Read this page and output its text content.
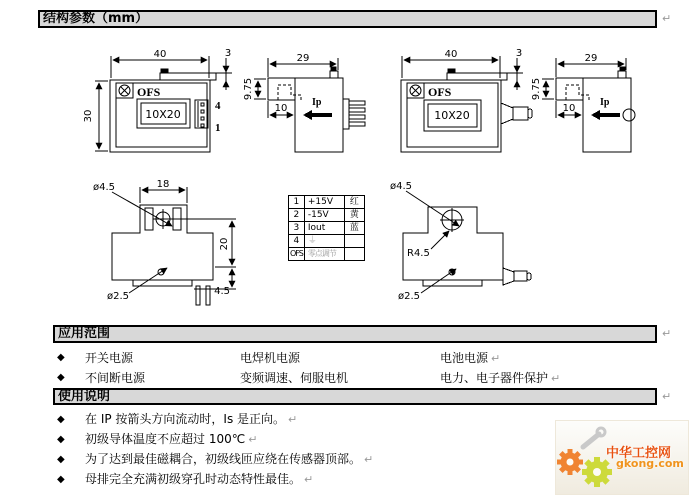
结构参数（mm）	↵
40	3
30
OFS
10X20
4
1
29
9.75
10
Ip
40	3
OFS
10X20
29
9.75
10
Ip
ø4.5	18
20
4.5
ø2.5
ø4.5
R4.5
ø2.5
1	+15V	红
2	-15V	黄
3	Iout	蓝
4	⏚	
OFS	零点调节	
应用范围	↵
◆ 开关电源	电焊机电源	电池电源 ↵
◆ 不间断电源	变频调速、伺服电机	电力、电子器件保护 ↵
使用说明	↵
◆ 在 IP 按箭头方向流动时，Is 是正向。 ↵
◆ 初级导体温度不应超过 100℃ ↵
◆ 为了达到最佳磁耦合，初级线匝应绕在传感器顶部。 ↵
◆ 母排完全充满初级穿孔时动态特性最佳。 ↵
中华工控网
gkong.com
